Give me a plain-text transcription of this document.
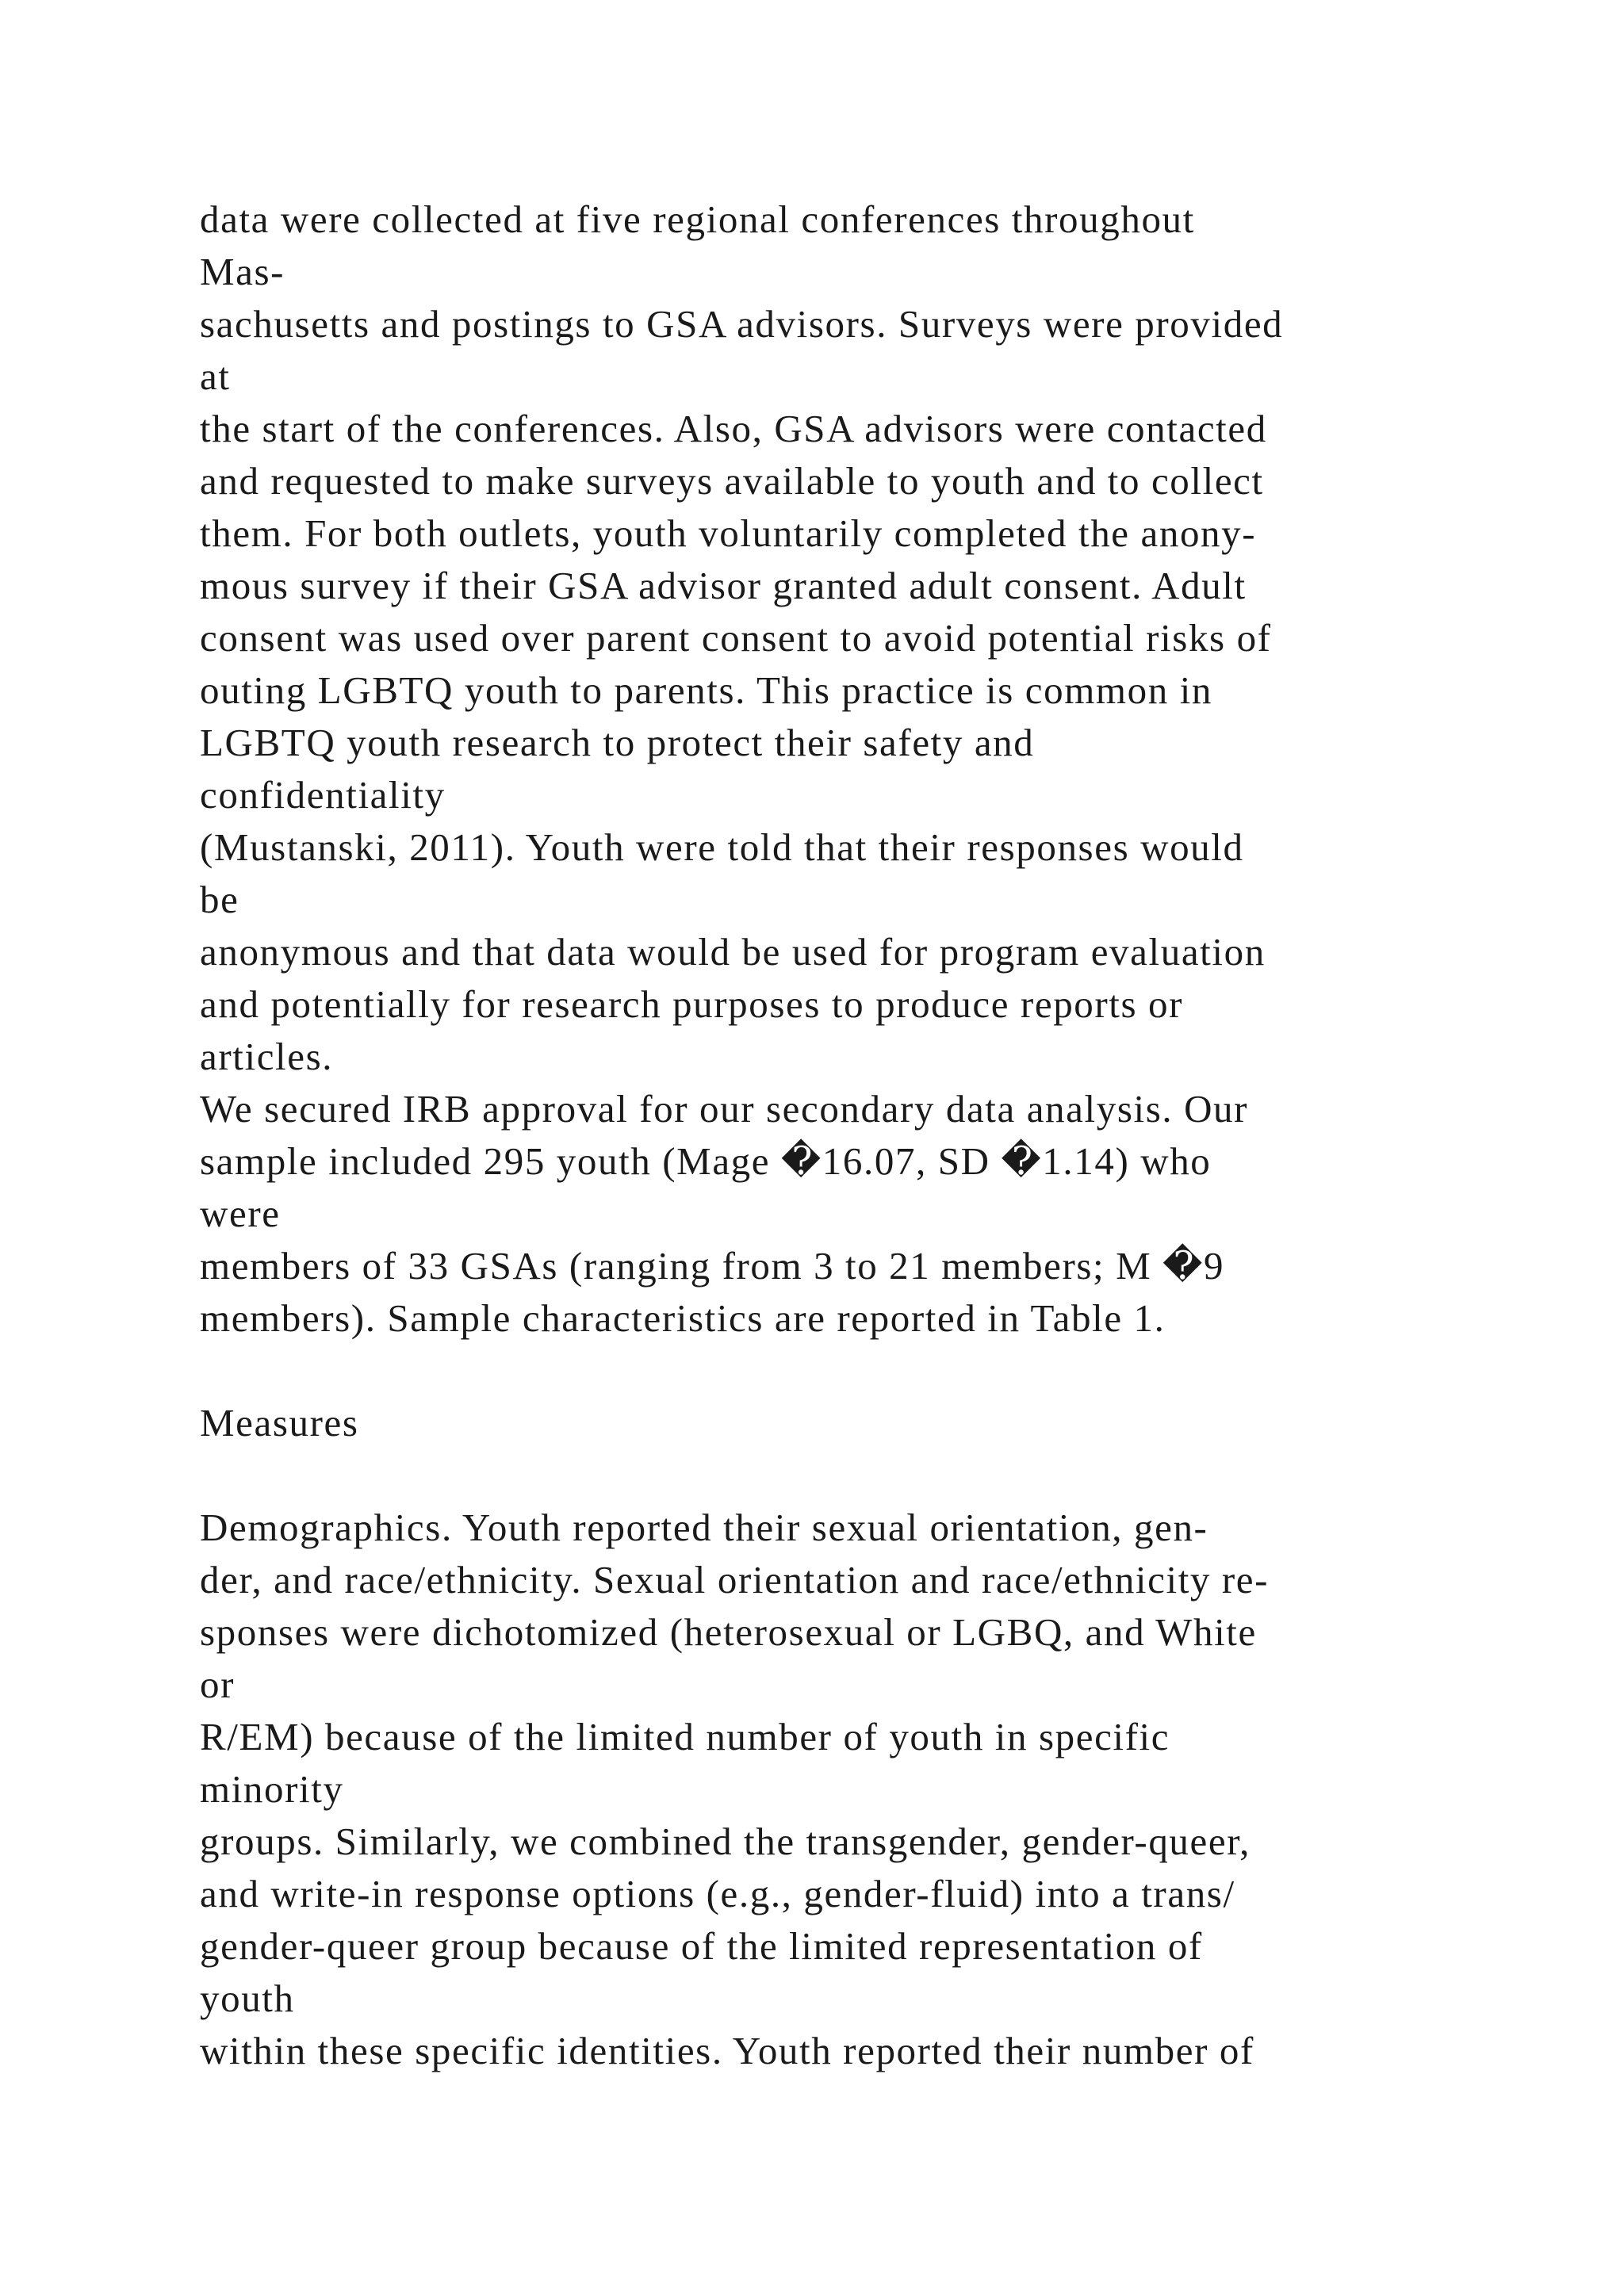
data were collected at five regional conferences throughout
Mas-
sachusetts and postings to GSA advisors. Surveys were provided
at
the start of the conferences. Also, GSA advisors were contacted
and requested to make surveys available to youth and to collect
them. For both outlets, youth voluntarily completed the anony-
mous survey if their GSA advisor granted adult consent. Adult
consent was used over parent consent to avoid potential risks of
outing LGBTQ youth to parents. This practice is common in
LGBTQ youth research to protect their safety and
confidentiality
(Mustanski, 2011). Youth were told that their responses would
be
anonymous and that data would be used for program evaluation
and potentially for research purposes to produce reports or
articles.
We secured IRB approval for our secondary data analysis. Our
sample included 295 youth (Mage �16.07, SD �1.14) who
were
members of 33 GSAs (ranging from 3 to 21 members; M �9
members). Sample characteristics are reported in Table 1.
Measures
Demographics. Youth reported their sexual orientation, gen-
der, and race/ethnicity. Sexual orientation and race/ethnicity re-
sponses were dichotomized (heterosexual or LGBQ, and White
or
R/EM) because of the limited number of youth in specific
minority
groups. Similarly, we combined the transgender, gender-queer,
and write-in response options (e.g., gender-fluid) into a trans/
gender-queer group because of the limited representation of
youth
within these specific identities. Youth reported their number of
